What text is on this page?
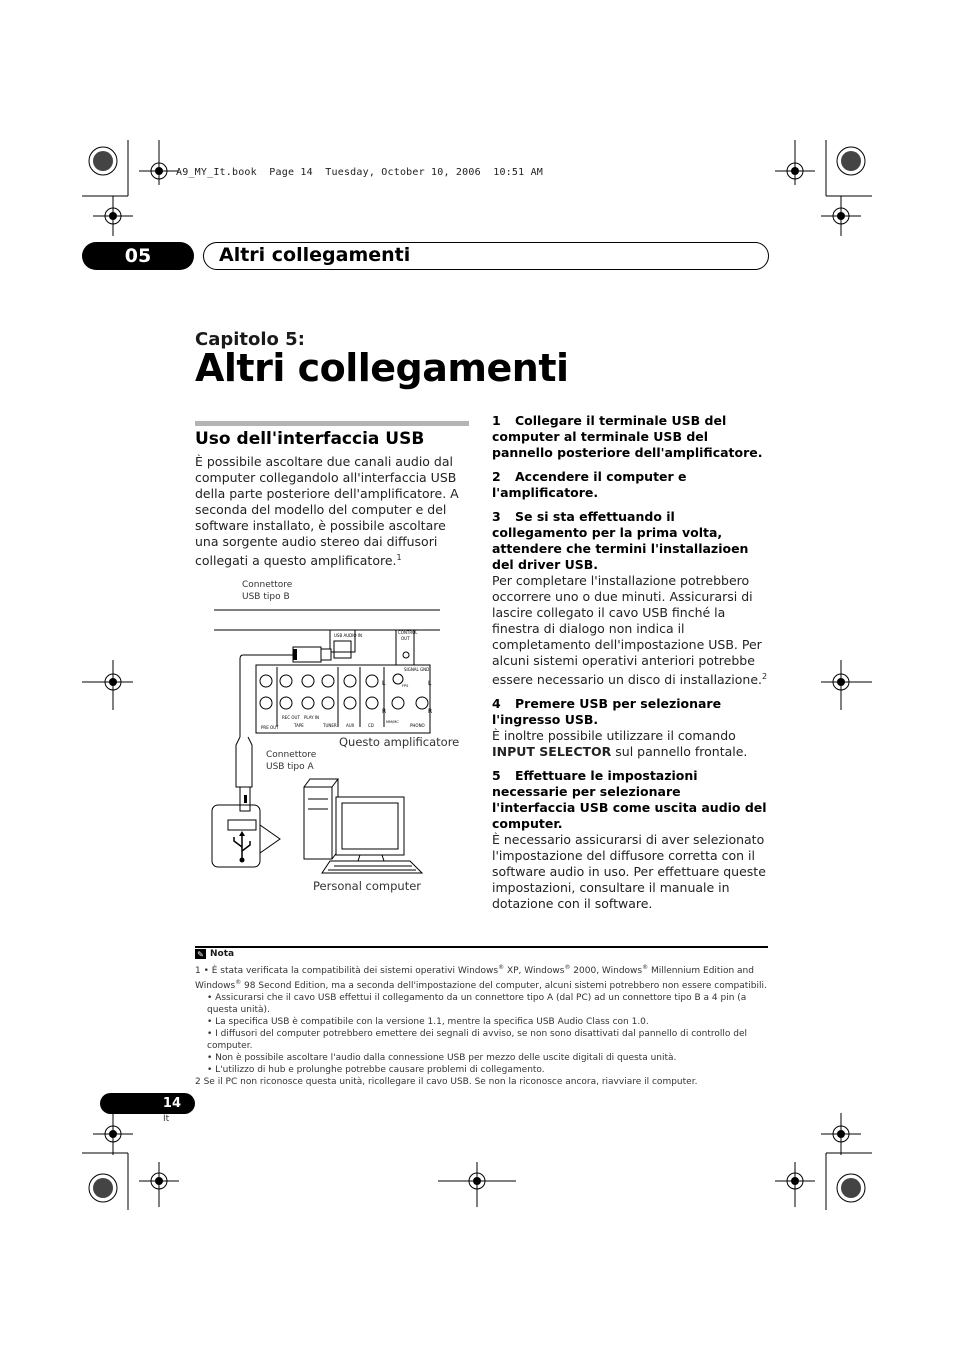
A9_MY_It.book  Page 14  Tuesday, October 10, 2006  10:51 AM
05	Altri collegamenti
Capitolo 5:
Altri collegamenti
Uso dell'interfaccia USB
È possibile ascoltare due canali audio dal computer collegandolo all'interfaccia USB della parte posteriore dell'amplificatore. A seconda del modello del computer e del software installato, è possibile ascoltare una sorgente audio stereo dai diffusori collegati a questo amplificatore.$^1$
Connettore
USB tipo B
Connettore
USB tipo A
Questo amplificatore
Personal computer
USB AUDIO IN
CONTROL
OUT
SIGNAL GND
PRE OUT
REC OUT PLAY IN
TAPE	TUNER AUX	CD	PHONO
MM/MC
FPS
L
R
L
R
1 Collegare il terminale USB del computer al terminale USB del pannello posteriore dell'amplificatore.
2 Accendere il computer e l'amplificatore.
3 Se si sta effettuando il collegamento per la prima volta, attendere che termini l'installazioen del driver USB.

Per completare l'installazione potrebbero occorrere uno o due minuti. Assicurarsi di lascire collegato il cavo USB finché la finestra di dialogo non indica il completamento dell'impostazione USB. Per alcuni sistemi operativi anteriori potrebbe essere necessario un disco di installazione.$^2$

4 Premere USB per selezionare l'ingresso USB.

È inoltre possibile utilizzare il comando INPUT SELECTOR sul pannello frontale.

5 Effettuare le impostazioni necessarie per selezionare l'interfaccia USB come uscita audio del computer.

È necessario assicurarsi di aver selezionato l'impostazione del diffusore corretta con il software audio in uso. Per effettuare queste impostazioni, consultare il manuale in dotazione con il software.

✎ Nota

1 • È stata verificata la compatibilità dei sistemi operativi Windows® XP, Windows® 2000, Windows® Millennium Edition and Windows® 98 Second Edition, ma a seconda dell'impostazione del computer, alcuni sistemi potrebbero non essere compatibili.

• Assicurarsi che il cavo USB effettui il collegamento da un connettore tipo A (dal PC) ad un connettore tipo B a 4 pin (a questa unità).

• La specifica USB è compatibile con la versione 1.1, mentre la specifica USB Audio Class con 1.0.

• I diffusori del computer potrebbero emettere dei segnali di avviso, se non sono disattivati dal pannello di controllo del computer.

• Non è possibile ascoltare l'audio dalla connessione USB per mezzo delle uscite digitali di questa unità.

• L'utilizzo di hub e prolunghe potrebbe causare problemi di collegamento.

2 Se il PC non riconosce questa unità, ricollegare il cavo USB. Se non la riconosce ancora, riavviare il computer.

14
It
